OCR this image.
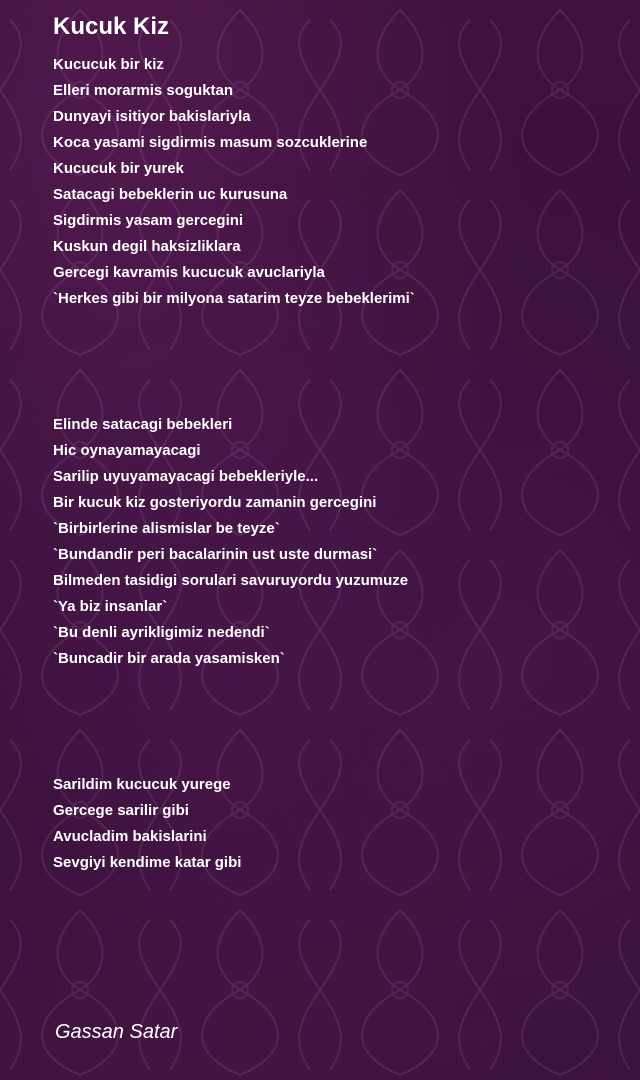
Kucuk Kiz
Kucucuk bir kiz
Elleri morarmis soguktan
Dunyayi isitiyor bakislariyla
Koca yasami sigdirmis masum sozcuklerine
Kucucuk bir yurek
Satacagi bebeklerin uc kurusuna
Sigdirmis yasam gercegini
Kuskun degil haksizliklara
Gercegi kavramis kucucuk avuclariyla
`Herkes gibi bir milyona satarim teyze bebeklerimi`
Elinde satacagi bebekleri
Hic oynayamayacagi
Sarilip uyuyamayacagi bebekleriyle...
Bir kucuk kiz gosteriyordu zamanin gercegini
`Birbirlerine alismislar be teyze`
`Bundandir peri bacalarinin ust uste durmasi`
Bilmeden tasidigi sorulari savuruyordu yuzumuze
`Ya biz insanlar`
`Bu denli ayrikligimiz nedendi`
`Buncadir bir arada yasamisken`
Sarildim kucucuk yurege
Gercege sarilir gibi
Avucladim bakislarini
Sevgiyi kendime katar gibi
Gassan Satar
